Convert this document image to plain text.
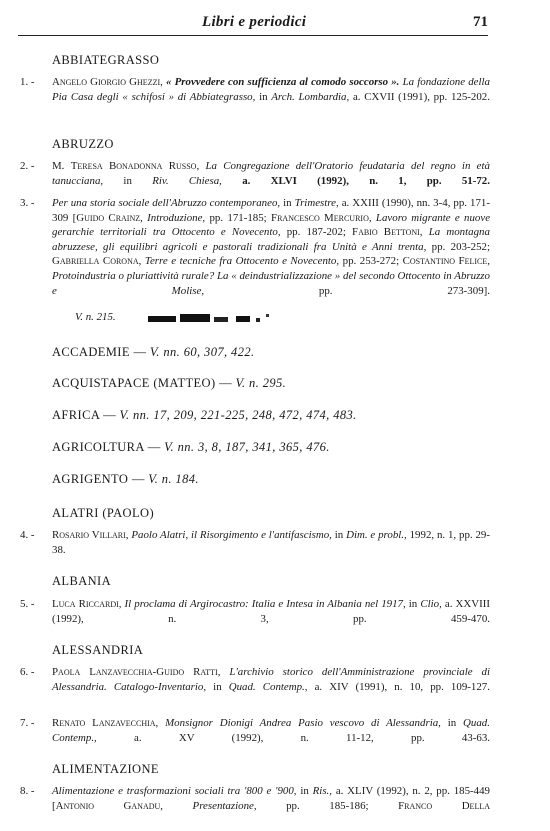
Libri e periodici	71
ABBIATEGRASSO
1. -	Angelo Giorgio Ghezzi, « Provvedere con sufficienza al comodo soccorso ». La fondazione della Pia Casa degli « schifosi » di Abbiategrasso, in Arch. Lombardia, a. CXVII (1991), pp. 125-202.
ABRUZZO
2. -	M. Teresa Bonadonna Russo, La Congregazione dell'Oratorio feudataria del regno in età tanucciana, in Riv. Chiesa, a. XLVI (1992), n. 1, pp. 51-72.
3. -	Per una storia sociale dell'Abruzzo contemporaneo, in Trimestre, a. XXIII (1990), nn. 3-4, pp. 171-309 [Guido Crainz, Introduzione, pp. 171-185; Francesco Mercurio, Lavoro migrante e nuove gerarchie territoriali tra Ottocento e Novecento, pp. 187-202; Fabio Bettoni, La montagna abruzzese, gli equilibri agricoli e pastorali tradizionali fra Unità e Anni trenta, pp. 203-252; Gabriella Corona, Terre e tecniche fra Ottocento e Novecento, pp. 253-272; Costantino Felice, Protoindustria o pluriattività rurale? La « deindustrializzazione » del secondo Ottocento in Abruzzo e Molise,	pp. 273-309].
V. n. 215.
ACCADEMIE — V. nn. 60, 307, 422.
ACQUISTAPACE (MATTEO) — V. n. 295.
AFRICA — V. nn. 17, 209, 221-225, 248, 472, 474, 483.
AGRICOLTURA — V. nn. 3, 8, 187, 341, 365, 476.
AGRIGENTO — V. n. 184.
ALATRI (PAOLO)
4. -	Rosario Villari, Paolo Alatri, il Risorgimento e l'antifascismo, in Dim. e probl., 1992, n. 1, pp. 29-38.
ALBANIA
5. -	Luca Riccardi, Il proclama di Argirocastro: Italia e Intesa in Albania nel 1917, in Clio, a. XXVIII (1992), n. 3, pp. 459-470.
ALESSANDRIA
6. -	Paola Lanzavecchia-Guido Ratti, L'archivio storico dell'Amministrazione provinciale di Alessandria. Catalogo-Inventario, in Quad. Contemp., a. XIV (1991), n. 10, pp. 109-127.
7. -	Renato Lanzavecchia, Monsignor Dionigi Andrea Pasio vescovo di Alessandria, in Quad. Contemp.,	a. XV (1992), n. 11-12, pp. 43-63.
ALIMENTAZIONE
8. -	Alimentazione e trasformazioni sociali tra '800 e '900, in Ris., a. XLIV (1992), n. 2, pp. 185-449 [Antonio Ganadu,	Presentazione,	pp. 185-186;	Franco Della
